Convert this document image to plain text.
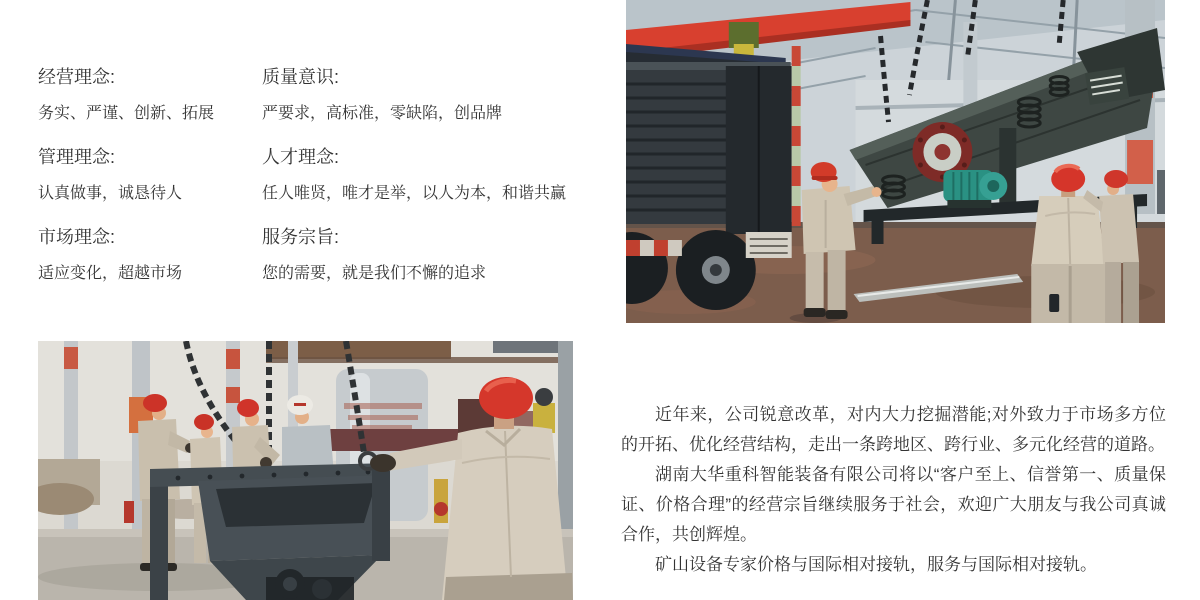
经营理念:
务实、严谨、创新、拓展
质量意识:
严要求，高标准，零缺陷，创品牌
管理理念:
认真做事，诚恳待人
人才理念:
任人唯贤，唯才是举，以人为本，和谐共赢
市场理念:
适应变化，超越市场
服务宗旨:
您的需要，就是我们不懈的追求

近年来，公司锐意改革，对内大力挖掘潜能;对外致力于市场多方位的开拓、优化经营结构，走出一条跨地区、跨行业、多元化经营的道路。

湖南大华重科智能装备有限公司将以“客户至上、信誉第一、质量保证、价格合理”的经营宗旨继续服务于社会，欢迎广大朋友与我公司真诚合作，共创辉煌。

矿山设备专家价格与国际相对接轨，服务与国际相对接轨。
